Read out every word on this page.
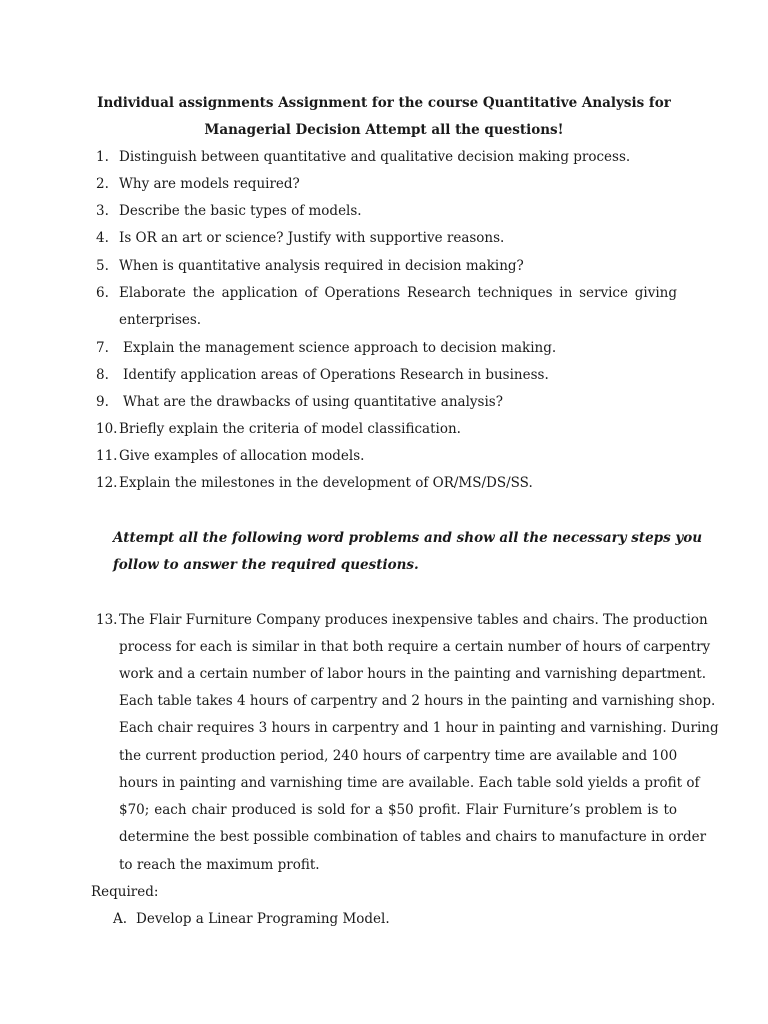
Individual assignments Assignment for the course Quantitative Analysis for
Managerial Decision Attempt all the questions!
1. Distinguish between quantitative and qualitative decision making process.
2. Why are models required?
3. Describe the basic types of models.
4. Is OR an art or science? Justify with supportive reasons.
5. When is quantitative analysis required in decision making?
6. Elaborate the application of Operations Research techniques in service giving
enterprises.
7. Explain the management science approach to decision making.
8. Identify application areas of Operations Research in business.
9. What are the drawbacks of using quantitative analysis?
10. Briefly explain the criteria of model classification.
11. Give examples of allocation models.
12. Explain the milestones in the development of OR/MS/DS/SS.
Attempt all the following word problems and show all the necessary steps you
follow to answer the required questions.
13. The Flair Furniture Company produces inexpensive tables and chairs. The production
process for each is similar in that both require a certain number of hours of carpentry
work and a certain number of labor hours in the painting and varnishing department.
Each table takes 4 hours of carpentry and 2 hours in the painting and varnishing shop.
Each chair requires 3 hours in carpentry and 1 hour in painting and varnishing. During
the current production period, 240 hours of carpentry time are available and 100
hours in painting and varnishing time are available. Each table sold yields a profit of
$70; each chair produced is sold for a $50 profit. Flair Furniture’s problem is to
determine the best possible combination of tables and chairs to manufacture in order
to reach the maximum profit.
Required:
A. Develop a Linear Programing Model.
